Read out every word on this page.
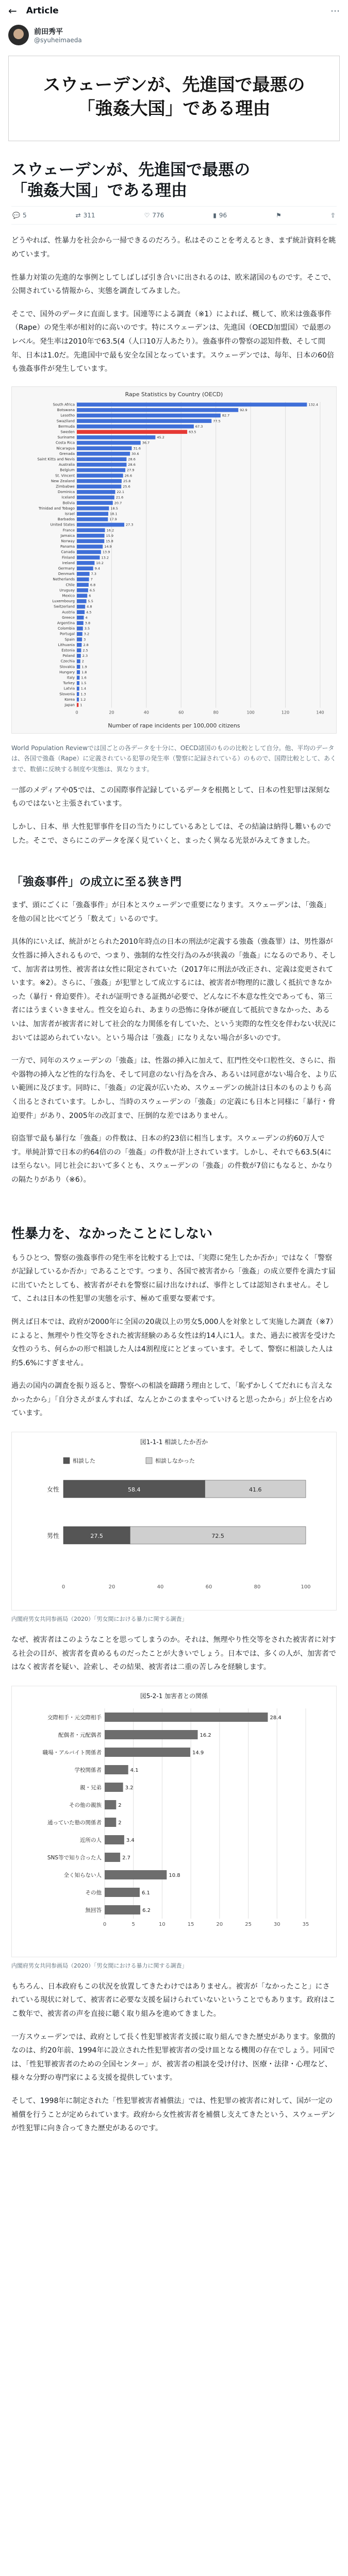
← Article	⋯
前田秀平
@syuheimaeda
スウェーデンが、先進国で最悪の
「強姦大国」である理由
スウェーデンが、先進国で最悪の
「強姦大国」である理由
💬 5	⇄ 311	♡ 776	▮ 96	⚑	⇪

どうやれば、性暴力を社会から一掃できるのだろう。私はそのことを考えるとき、まず統計資料を眺めています。

性暴力対策の先進的な事例としてしばしば引き合いに出されるのは、欧米諸国のものです。そこで、公開されている情報から、実態を調査してみました。

そこで、国外のデータに直面します。国連等による調査（※1）によれば、概して、欧米は強姦事件（Rape）の発生率が相対的に高いのです。特にスウェーデンは、先進国（OECD加盟国）で最悪のレベル。発生率は2010年で63.5(4（人口10万人あたり）。強姦事件の警察の認知件数、そして間年、日本は1.0だ。先進国中で最も安全な国となっています。スウェーデンでは、毎年、日本の60倍も強姦事件が発生しています。

Rape Statistics by Country (OECD)
0	20	40	60	80	100	120	140
South Africa	132.4
Botswana	92.9
Lesotho	82.7
Swaziland	77.5
Bermuda	67.3
Sweden	63.5
Suriname	45.2
Costa Rica	36.7
Nicaragua	31.6
Grenada	30.6
Saint Kitts and Nevis	28.6
Australia	28.6
Belgium	27.9
St. Vincent	26.6
New Zealand	25.8
Zimbabwe	25.6
Dominica	22.1
Iceland	21.6
Bolivia	20.7
Trinidad and Tobago	18.5
Israel	18.1
Barbados	17.9
United States	27.3
France	16.2
Jamaica	15.9
Norway	15.8
Panama	14.9
Canada	13.9
Finland	13.2
Ireland	10.2
Germany	9.4
Denmark	7.3
Netherlands	7
Chile	6.8
Uruguay	6.5
Mexico	6
Luxembourg	5.5
Switzerland	4.8
Austria	4.5
Greece	4
Argentina	3.8
Colombia	3.5
Portugal	3.2
Spain	3
Lithuania	2.8
Estonia 2.5
Poland 2.3
Czechia 2
Slovakia 1.9
Hungary 1.8
Italy 1.6
Turkey 1.5
Latvia 1.4
Slovenia 1.3
Korea 1.2
Japan 1
Number of rape incidents per 100,000 citizens

World Population Reviewでは国ごとの各データを十分に、OECD諸国のものの比較として自分。他、平均のデータは、各国で強姦（Rape）に定義されている犯罪の発生率（警察に記録されている）のもので、国際比較として、あくまで、数値に反映する制度や実態は、異なります。

一部のメディアや05では、この国際事件記録しているデータを根拠として、日本の性犯罪は深刻なものではないと主張されています。

しかし、日本、単 大性犯罪事件を目の当たりにしているあとしては、その結論は納得し難いものでした。そこで、さらにこのデータを深く見ていくと、まったく異なる光景がみえてきました。

「強姦事件」の成立に至る狭き門

まず、頭にごくに「強姦事件」が日本とスウェーデンで重要になります。スウェーデンは、「強姦」を他の国と比べてどう「数えて」いるのです。

具体的にいえば、統計がとられた2010年時点の日本の刑法が定義する強姦（強姦罪）は、男性器が女性器に挿入されるもので、つまり、強制的な性交行為のみが狭義の「強姦」になるのであり、そして、加害者は男性、被害者は女性に限定されていた（2017年に刑法が改正され、定義は変更されています。※2）。さらに、「強姦」が犯罪として成立するには、被害者が物理的に激しく抵抗できなかった（暴行・脅迫要件）。それが証明できる証拠が必要で、どんなに不本意な性交であっても、第三者にはうまくいきません。性交を迫られ、あまりの恐怖に身体が硬直して抵抗できなかった、あるいは、加害者が被害者に対して社会的な力関係を有していた、という実際的な性交を伴わない状況においては認められていない。という場合は「強姦」になりえない場合が多いのです。

一方で、同年のスウェーデンの「強姦」は、性器の挿入に加えて、肛門性交や口腔性交、さらに、指や器物の挿入など性的な行為を、そして同意のない行為を含み、あるいは同意がない場合を、より広い範囲に及びます。同時に、「強姦」の定義が広いため、スウェーデンの統計は日本のものよりも高く出るとされています。しかし、当時のスウェーデンの「強姦」の定義にも日本と同様に「暴行・脅迫要件」があり、2005年の改訂まで、圧倒的な差ではありません。

窃盗罪で最も暴行な「強姦」の件数は、日本の約23倍に相当します。スウェーデンの約60万人です。単純計算で日本の約64倍のの「強姦」の件数が計上されています。しかし、それでも63.5(4には至らない。同じ社会において多くとも、スウェーデンの「強姦」の件数が7倍にもなると、かなりの隔たりがあり（※6）。

性暴力を、なかったことにしない

もうひとつ、警察の強姦事件の発生率を比較する上では、「実際に発生したか否か」ではなく「警察が記録しているか否か」であることです。つまり、各国で被害者から「強姦」の成立要件を満たす届に出ていたとしても、被害者がそれを警察に届け出なければ、事件としては認知されません。そして、これは日本の性犯罪の実態を示す、極めて重要な要素です。

例えば日本では、政府が2000年に全国の20歳以上の男女5,000人を対象として実施した調査（※7）によると、無理やり性交等をされた被害経験のある女性は約14人に1人。また、過去に被害を受けた女性のうち、何らかの形で相談した人は4割程度にとどまっています。そして、警察に相談した人は約5.6%にすぎません。

過去の国内の調査を振り返ると、警察への相談を躊躇う理由として、「恥ずかしくてだれにも言えなかったから」「自分さえがまんすれば、なんとかこのままやっていけると思ったから」が上位を占めています。

図1-1-1 相談したか否か
女性	58.4	41.6
男性	27.5	72.5
相談した	相談しなかった
0	20	40	60	80	100
内閣府男女共同参画局（2020）「男女間における暴力に関する調査」

なぜ、被害者はこのようなことを思ってしまうのか。それは、無理やり性交等をされた被害者に対する社会の目が、被害者を責めるものだったことが大きいでしょう。日本では、多くの人が、加害者ではなく被害者を疑い、詮索し、その結果、被害者は二重の苦しみを経験します。

図5-2-1 加害者との関係
0	5	10	15	20	25	30	35
交際相手・元交際相手	28.4
配偶者・元配偶者	16.2
職場・アルバイト関係者	14.9
学校関係者	4.1
親・兄弟	3.2
その他の親族	2
通っていた塾の関係者	2
近所の人	3.4
SNS等で知り合った人	2.7
全く知らない人	10.8
その他	6.1
無回答	6.2
内閣府男女共同参画局（2020）「男女間における暴力に関する調査」

もちろん、日本政府もこの状況を放置してきたわけではありません。被害が「なかったこと」にされている現状に対して、被害者に必要な支援を届けられていないということでもあります。政府はここ数年で、被害者の声を直接に聴く取り組みを進めてきました。

一方スウェーデンでは、政府として長く性犯罪被害者支援に取り組んできた歴史があります。象徴的なのは、約20年前、1994年に設立された性犯罪被害者の受け皿となる機関の存在でしょう。同国では、「性犯罪被害者のための全国センター」が、被害者の相談を受け付け、医療・法律・心理など、様々な分野の専門家による支援を提供しています。

そして、1998年に制定された「性犯罪被害者補償法」では、性犯罪の被害者に対して、国が一定の補償を行うことが定められています。政府から女性被害者を補償し支えてきたという、スウェーデンが性犯罪に向き合ってきた歴史があるのです。
